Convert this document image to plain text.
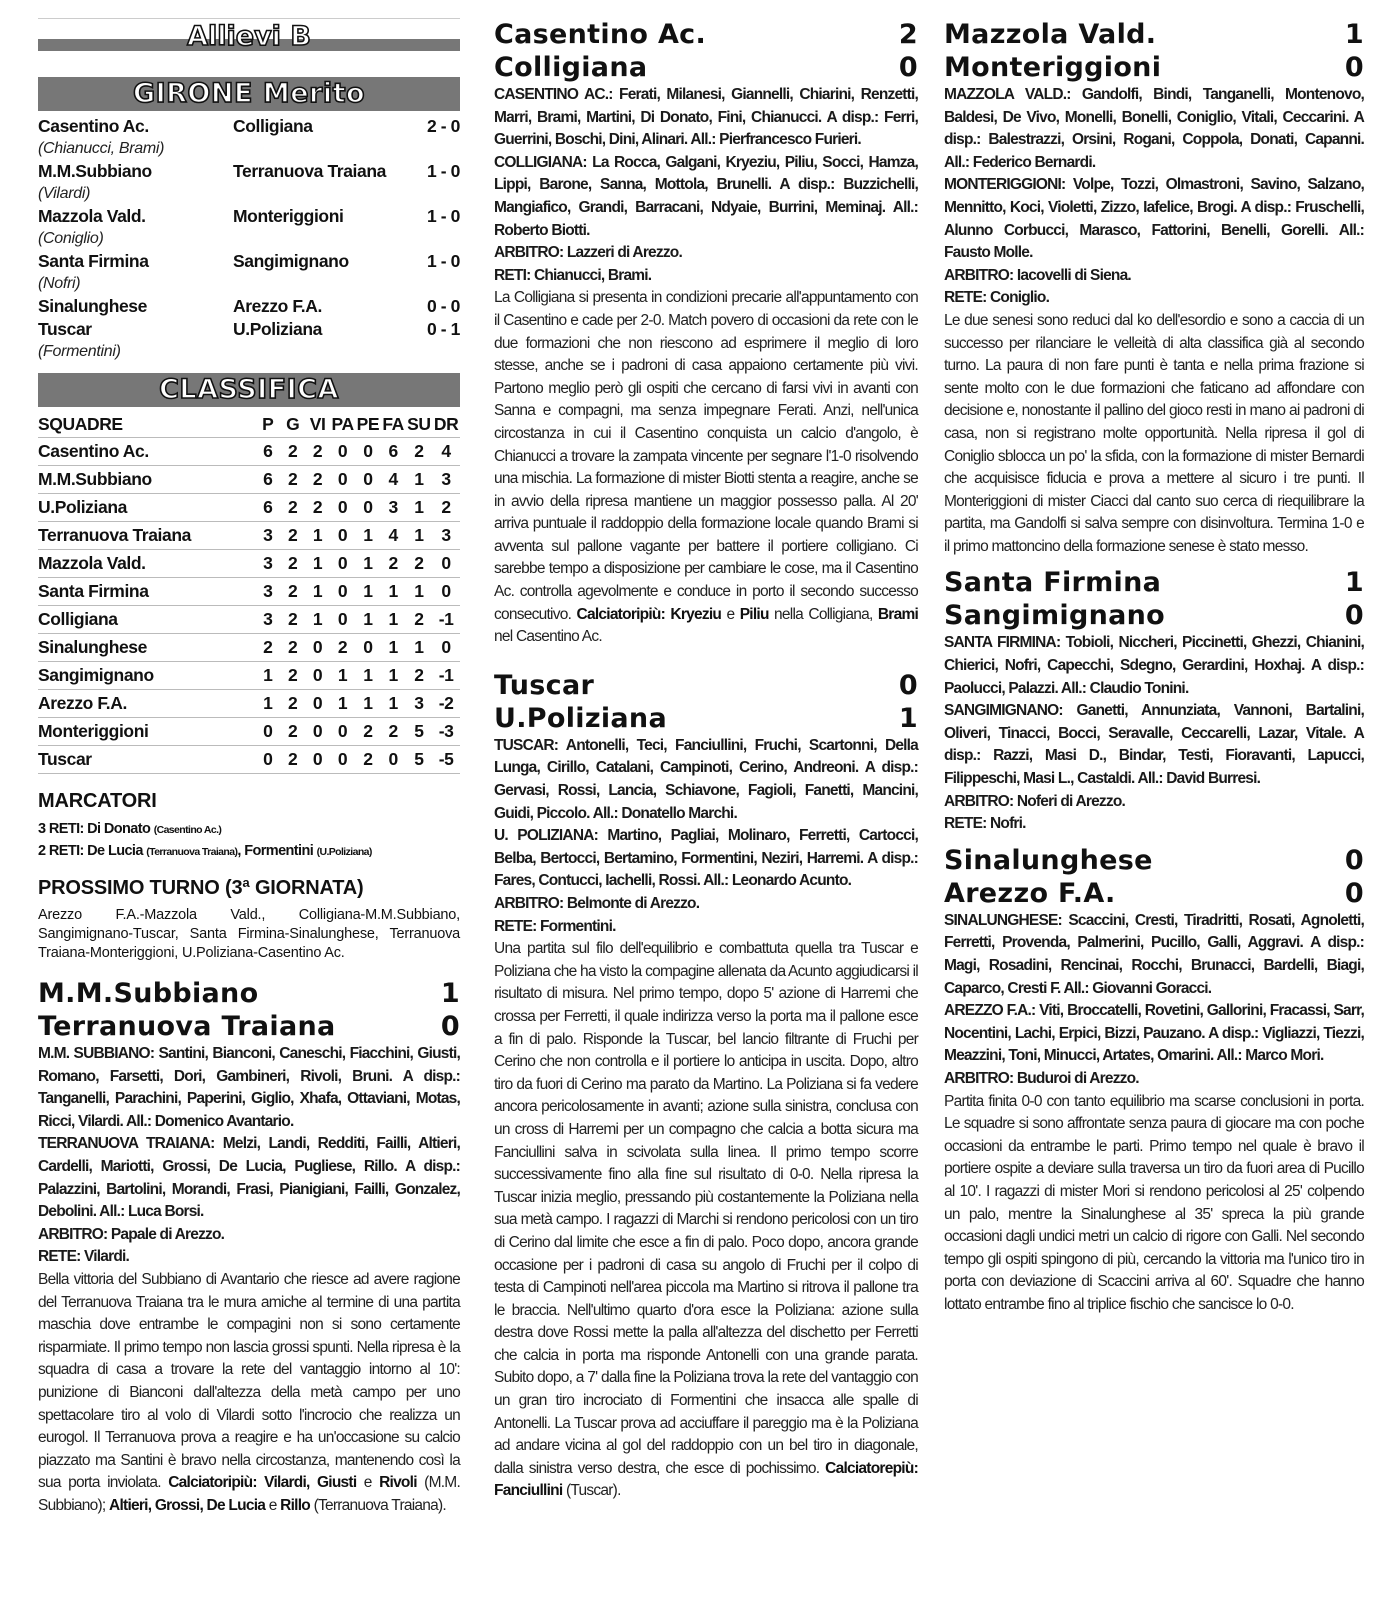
Allievi B
GIRONE Merito
Casentino Ac.	Colligiana	2 - 0
(Chianucci, Brami)
M.M.Subbiano	Terranuova Traiana	1 - 0
(Vilardi)
Mazzola Vald.	Monteriggioni	1 - 0
(Coniglio)
Santa Firmina	Sangimignano	1 - 0
(Nofri)
Sinalunghese	Arezzo F.A.	0 - 0
Tuscar	U.Poliziana	0 - 1
(Formentini)
CLASSIFICA
SQUADRE	P	G	VI	PA	PE	FA	SU	DR
Casentino Ac.	6	2	2	0	0	6	2	4
M.M.Subbiano	6	2	2	0	0	4	1	3
U.Poliziana	6	2	2	0	0	3	1	2
Terranuova Traiana	3	2	1	0	1	4	1	3
Mazzola Vald.	3	2	1	0	1	2	2	0
Santa Firmina	3	2	1	0	1	1	1	0
Colligiana	3	2	1	0	1	1	2	-1
Sinalunghese	2	2	0	2	0	1	1	0
Sangimignano	1	2	0	1	1	1	2	-1
Arezzo F.A.	1	2	0	1	1	1	3	-2
Monteriggioni	0	2	0	0	2	2	5	-3
Tuscar	0	2	0	0	2	0	5	-5
MARCATORI
3 RETI: Di Donato (Casentino Ac.)
2 RETI: De Lucia (Terranuova Traiana), Formentini (U.Poliziana)
PROSSIMO TURNO (3ª GIORNATA)
Arezzo F.A.-Mazzola Vald., Colligiana-M.M.Subbiano, Sangimignano-Tuscar, Santa Firmina-Sinalunghese, Terranuova Traiana-Monteriggioni, U.Poliziana-Casentino Ac.
M.M.Subbiano	1
Terranuova Traiana	0
M.M. SUBBIANO: Santini, Bianconi, Caneschi, Fiacchini, Giusti, Romano, Farsetti, Dori, Gambineri, Rivoli, Bruni. A disp.: Tanganelli, Parachini, Paperini, Giglio, Xhafa, Ottaviani, Motas, Ricci, Vilardi. All.: Domenico Avantario.
TERRANUOVA TRAIANA: Melzi, Landi, Redditi, Failli, Altieri, Cardelli, Mariotti, Grossi, De Lucia, Pugliese, Rillo. A disp.: Palazzini, Bartolini, Morandi, Frasi, Pianigiani, Failli, Gonzalez, Debolini. All.: Luca Borsi.
ARBITRO: Papale di Arezzo.
RETE: Vilardi.
Bella vittoria del Subbiano di Avantario che riesce ad avere ragione del Terranuova Traiana tra le mura amiche al termine di una partita maschia dove entrambe le compagini non si sono certamente risparmiate. Il primo tempo non lascia grossi spunti. Nella ripresa è la squadra di casa a trovare la rete del vantaggio intorno al 10': punizione di Bianconi dall'altezza della metà campo per uno spettacolare tiro al volo di Vilardi sotto l'incrocio che realizza un eurogol. Il Terranuova prova a reagire e ha un'occasione su calcio piazzato ma Santini è bravo nella circostanza, mantenendo così la sua porta inviolata. Calciatoripiù: Vilardi, Giusti e Rivoli (M.M. Subbiano); Altieri, Grossi, De Lucia e Rillo (Terranuova Traiana).
Casentino Ac.	2
Colligiana	0
CASENTINO AC.: Ferati, Milanesi, Giannelli, Chiarini, Renzetti, Marri, Brami, Martini, Di Donato, Fini, Chianucci. A disp.: Ferri, Guerrini, Boschi, Dini, Alinari. All.: Pierfrancesco Furieri.
COLLIGIANA: La Rocca, Galgani, Kryeziu, Piliu, Socci, Hamza, Lippi, Barone, Sanna, Mottola, Brunelli. A disp.: Buzzichelli, Mangiafico, Grandi, Barracani, Ndyaie, Burrini, Meminaj. All.: Roberto Biotti.
ARBITRO: Lazzeri di Arezzo.
RETI: Chianucci, Brami.
La Colligiana si presenta in condizioni precarie all'appuntamento con il Casentino e cade per 2-0. Match povero di occasioni da rete con le due formazioni che non riescono ad esprimere il meglio di loro stesse, anche se i padroni di casa appaiono certamente più vivi. Partono meglio però gli ospiti che cercano di farsi vivi in avanti con Sanna e compagni, ma senza impegnare Ferati. Anzi, nell'unica circostanza in cui il Casentino conquista un calcio d'angolo, è Chianucci a trovare la zampata vincente per segnare l'1-0 risolvendo una mischia. La formazione di mister Biotti stenta a reagire, anche se in avvio della ripresa mantiene un maggior possesso palla. Al 20' arriva puntuale il raddoppio della formazione locale quando Brami si avventa sul pallone vagante per battere il portiere colligiano. Ci sarebbe tempo a disposizione per cambiare le cose, ma il Casentino Ac. controlla agevolmente e conduce in porto il secondo successo consecutivo. Calciatoripiù: Kryeziu e Piliu nella Colligiana, Brami nel Casentino Ac.
Tuscar	0
U.Poliziana	1
TUSCAR: Antonelli, Teci, Fanciullini, Fruchi, Scartonni, Della Lunga, Cirillo, Catalani, Campinoti, Cerino, Andreoni. A disp.: Gervasi, Rossi, Lancia, Schiavone, Fagioli, Fanetti, Mancini, Guidi, Piccolo. All.: Donatello Marchi.
U. POLIZIANA: Martino, Pagliai, Molinaro, Ferretti, Cartocci, Belba, Bertocci, Bertamino, Formentini, Neziri, Harremi. A disp.: Fares, Contucci, Iachelli, Rossi. All.: Leonardo Acunto.
ARBITRO: Belmonte di Arezzo.
RETE: Formentini.
Una partita sul filo dell'equilibrio e combattuta quella tra Tuscar e Poliziana che ha visto la compagine allenata da Acunto aggiudicarsi il risultato di misura. Nel primo tempo, dopo 5' azione di Harremi che crossa per Ferretti, il quale indirizza verso la porta ma il pallone esce a fin di palo. Risponde la Tuscar, bel lancio filtrante di Fruchi per Cerino che non controlla e il portiere lo anticipa in uscita. Dopo, altro tiro da fuori di Cerino ma parato da Martino. La Poliziana si fa vedere ancora pericolosamente in avanti; azione sulla sinistra, conclusa con un cross di Harremi per un compagno che calcia a botta sicura ma Fanciullini salva in scivolata sulla linea. Il primo tempo scorre successivamente fino alla fine sul risultato di 0-0. Nella ripresa la Tuscar inizia meglio, pressando più costantemente la Poliziana nella sua metà campo. I ragazzi di Marchi si rendono pericolosi con un tiro di Cerino dal limite che esce a fin di palo. Poco dopo, ancora grande occasione per i padroni di casa su angolo di Fruchi per il colpo di testa di Campinoti nell'area piccola ma Martino si ritrova il pallone tra le braccia. Nell'ultimo quarto d'ora esce la Poliziana: azione sulla destra dove Rossi mette la palla all'altezza del dischetto per Ferretti che calcia in porta ma risponde Antonelli con una grande parata. Subito dopo, a 7' dalla fine la Poliziana trova la rete del vantaggio con un gran tiro incrociato di Formentini che insacca alle spalle di Antonelli. La Tuscar prova ad acciuffare il pareggio ma è la Poliziana ad andare vicina al gol del raddoppio con un bel tiro in diagonale, dalla sinistra verso destra, che esce di pochissimo. Calciatorepiù: Fanciullini (Tuscar).
Mazzola Vald.	1
Monteriggioni	0
MAZZOLA VALD.: Gandolfi, Bindi, Tanganelli, Montenovo, Baldesi, De Vivo, Monelli, Bonelli, Coniglio, Vitali, Ceccarini. A disp.: Balestrazzi, Orsini, Rogani, Coppola, Donati, Capanni. All.: Federico Bernardi.
MONTERIGGIONI: Volpe, Tozzi, Olmastroni, Savino, Salzano, Mennitto, Koci, Violetti, Zizzo, Iafelice, Brogi. A disp.: Fruschelli, Alunno Corbucci, Marasco, Fattorini, Benelli, Gorelli. All.: Fausto Molle.
ARBITRO: Iacovelli di Siena.
RETE: Coniglio.
Le due senesi sono reduci dal ko dell'esordio e sono a caccia di un successo per rilanciare le velleità di alta classifica già al secondo turno. La paura di non fare punti è tanta e nella prima frazione si sente molto con le due formazioni che faticano ad affondare con decisione e, nonostante il pallino del gioco resti in mano ai padroni di casa, non si registrano molte opportunità. Nella ripresa il gol di Coniglio sblocca un po' la sfida, con la formazione di mister Bernardi che acquisisce fiducia e prova a mettere al sicuro i tre punti. Il Monteriggioni di mister Ciacci dal canto suo cerca di riequilibrare la partita, ma Gandolfi si salva sempre con disinvoltura. Termina 1-0 e il primo mattoncino della formazione senese è stato messo.
Santa Firmina	1
Sangimignano	0
SANTA FIRMINA: Tobioli, Niccheri, Piccinetti, Ghezzi, Chianini, Chierici, Nofri, Capecchi, Sdegno, Gerardini, Hoxhaj. A disp.: Paolucci, Palazzi. All.: Claudio Tonini.
SANGIMIGNANO: Ganetti, Annunziata, Vannoni, Bartalini, Oliveri, Tinacci, Bocci, Seravalle, Ceccarelli, Lazar, Vitale. A disp.: Razzi, Masi D., Bindar, Testi, Fioravanti, Lapucci, Filippeschi, Masi L., Castaldi. All.: David Burresi.
ARBITRO: Noferi di Arezzo.
RETE: Nofri.
Sinalunghese	0
Arezzo F.A.	0
SINALUNGHESE: Scaccini, Cresti, Tiradritti, Rosati, Agnoletti, Ferretti, Provenda, Palmerini, Pucillo, Galli, Aggravi. A disp.: Magi, Rosadini, Rencinai, Rocchi, Brunacci, Bardelli, Biagi, Caparco, Cresti F. All.: Giovanni Goracci.
AREZZO F.A.: Viti, Broccatelli, Rovetini, Gallorini, Fracassi, Sarr, Nocentini, Lachi, Erpici, Bizzi, Pauzano. A disp.: Vigliazzi, Tiezzi, Meazzini, Toni, Minucci, Artates, Omarini. All.: Marco Mori.
ARBITRO: Buduroi di Arezzo.
Partita finita 0-0 con tanto equilibrio ma scarse conclusioni in porta. Le squadre si sono affrontate senza paura di giocare ma con poche occasioni da entrambe le parti. Primo tempo nel quale è bravo il portiere ospite a deviare sulla traversa un tiro da fuori area di Pucillo al 10'. I ragazzi di mister Mori si rendono pericolosi al 25' colpendo un palo, mentre la Sinalunghese al 35' spreca la più grande occasioni dagli undici metri un calcio di rigore con Galli. Nel secondo tempo gli ospiti spingono di più, cercando la vittoria ma l'unico tiro in porta con deviazione di Scaccini arriva al 60'. Squadre che hanno lottato entrambe fino al triplice fischio che sancisce lo 0-0.
